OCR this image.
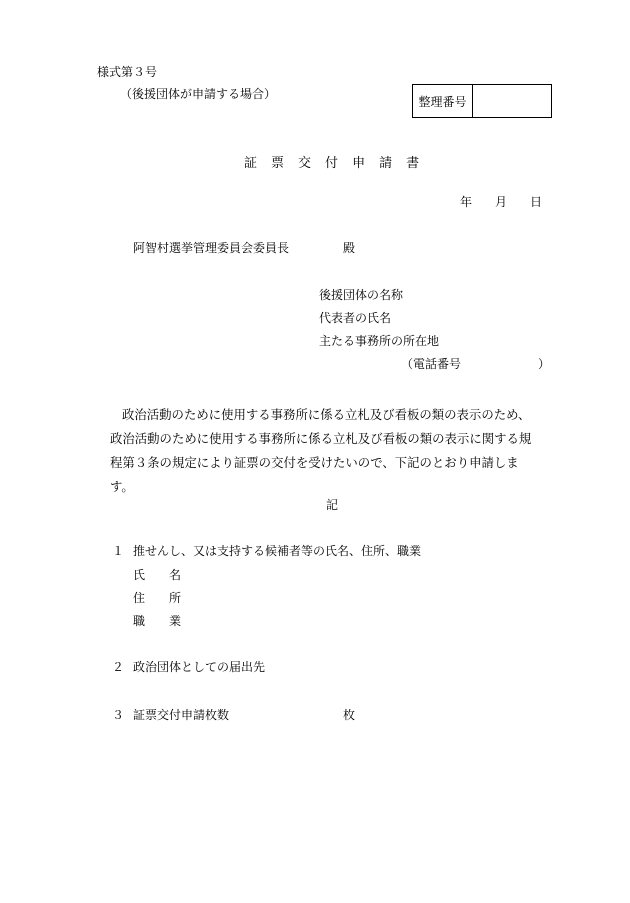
様式第３号
（後援団体が申請する場合）
整理番号
証 票 交 付 申 請 書
年 月 日
阿智村選挙管理委員会委員長	殿
後援団体の名称
代表者の氏名
主たる事務所の所在地
（電話番号	）
政治活動のために使用する事務所に係る立札及び看板の類の表示のため、政治活動のために使用する事務所に係る立札及び看板の類の表示に関する規程第３条の規定により証票の交付を受けたいので、下記のとおり申請します。
記
１ 推せんし、又は支持する候補者等の氏名、住所、職業
氏　　名
住　　所
職　　業
２ 政治団体としての届出先
３ 証票交付申請枚数	枚
